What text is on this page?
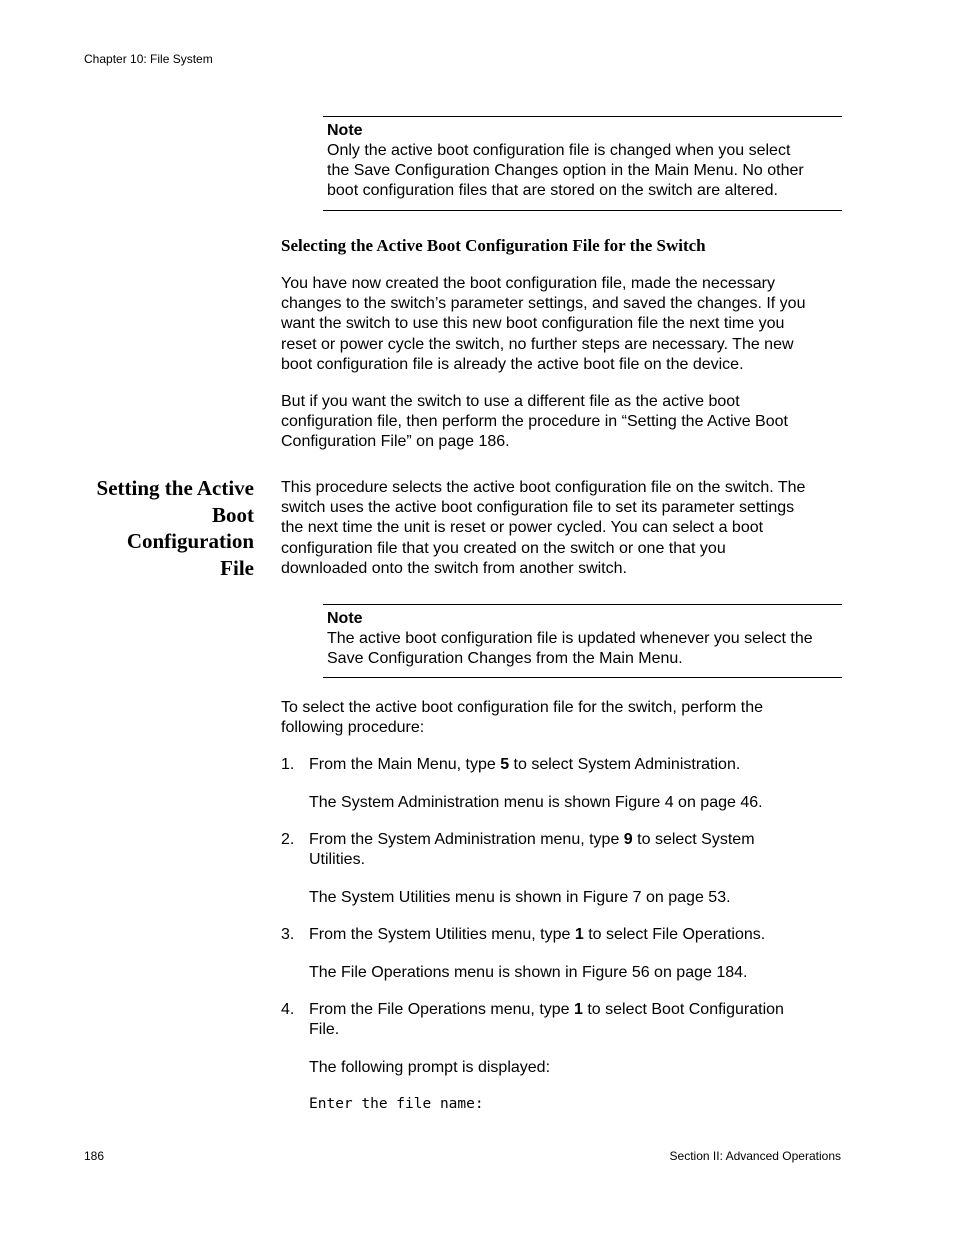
Chapter 10: File System
Note
Only the active boot configuration file is changed when you select
the Save Configuration Changes option in the Main Menu. No other
boot configuration files that are stored on the switch are altered.
Selecting the Active Boot Configuration File for the Switch
You have now created the boot configuration file, made the necessary
changes to the switch’s parameter settings, and saved the changes. If you
want the switch to use this new boot configuration file the next time you
reset or power cycle the switch, no further steps are necessary. The new
boot configuration file is already the active boot file on the device.
But if you want the switch to use a different file as the active boot
configuration file, then perform the procedure in “Setting the Active Boot
Configuration File” on page 186.
Setting the Active
Boot
Configuration
File
This procedure selects the active boot configuration file on the switch. The
switch uses the active boot configuration file to set its parameter settings
the next time the unit is reset or power cycled. You can select a boot
configuration file that you created on the switch or one that you
downloaded onto the switch from another switch.
Note
The active boot configuration file is updated whenever you select the
Save Configuration Changes from the Main Menu.
To select the active boot configuration file for the switch, perform the
following procedure:
1. From the Main Menu, type 5 to select System Administration.
The System Administration menu is shown Figure 4 on page 46.
2. From the System Administration menu, type 9 to select System
Utilities.
The System Utilities menu is shown in Figure 7 on page 53.
3. From the System Utilities menu, type 1 to select File Operations.
The File Operations menu is shown in Figure 56 on page 184.
4. From the File Operations menu, type 1 to select Boot Configuration
File.
The following prompt is displayed:
Enter the file name:
186	Section II: Advanced Operations
